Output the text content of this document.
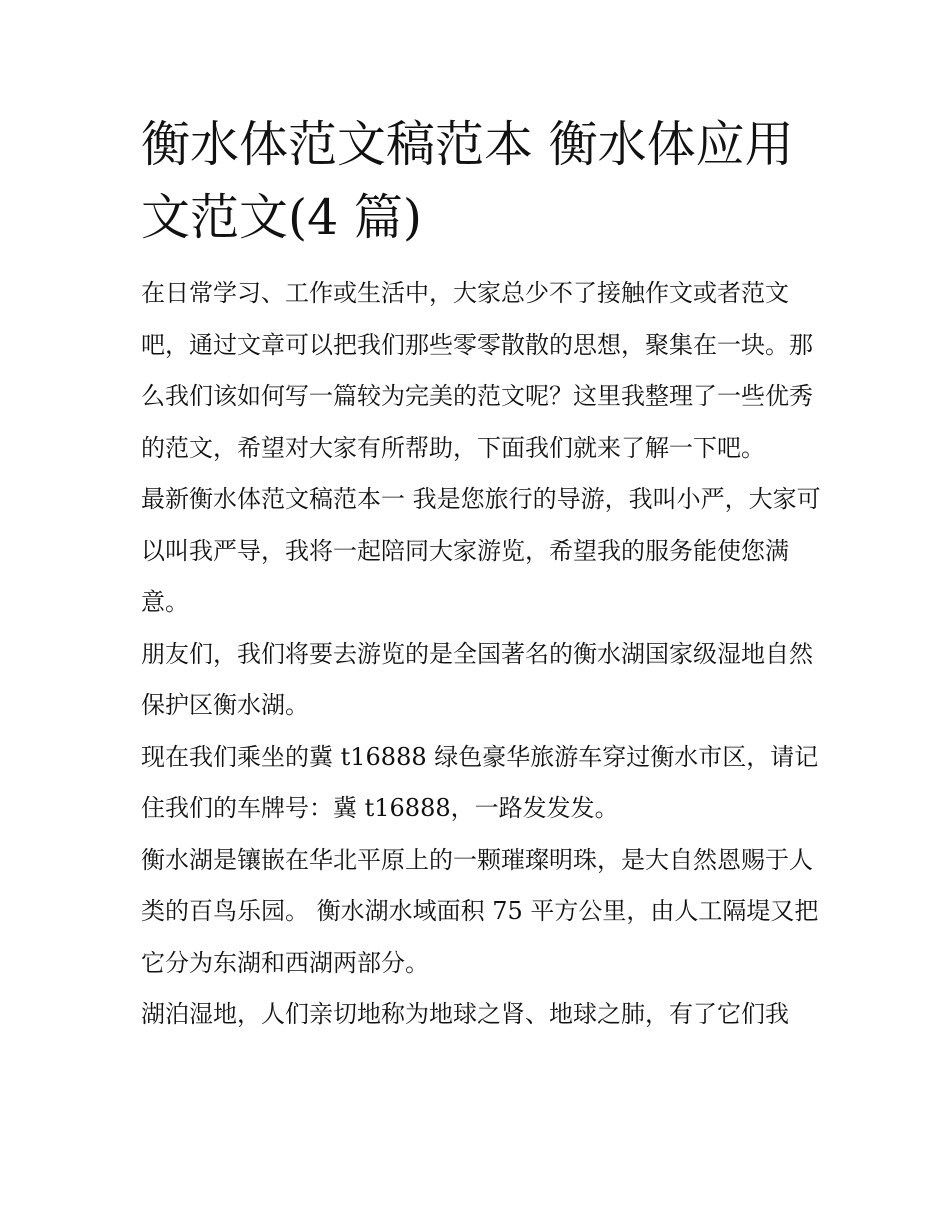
衡水体范文稿范本 衡水体应用文范文(4 篇)

在日常学习、工作或生活中，大家总少不了接触作文或者范文吧，通过文章可以把我们那些零零散散的思想，聚集在一块。那么我们该如何写一篇较为完美的范文呢？这里我整理了一些优秀的范文，希望对大家有所帮助，下面我们就来了解一下吧。

最新衡水体范文稿范本一 我是您旅行的导游，我叫小严，大家可以叫我严导，我将一起陪同大家游览，希望我的服务能使您满意。

朋友们，我们将要去游览的是全国著名的衡水湖国家级湿地自然保护区衡水湖。

现在我们乘坐的冀 t16888 绿色豪华旅游车穿过衡水市区，请记住我们的车牌号：冀 t16888，一路发发发。

衡水湖是镶嵌在华北平原上的一颗璀璨明珠，是大自然恩赐于人类的百鸟乐园。 衡水湖水域面积 75 平方公里，由人工隔堤又把它分为东湖和西湖两部分。

湖泊湿地，人们亲切地称为地球之肾、地球之肺，有了它们我
